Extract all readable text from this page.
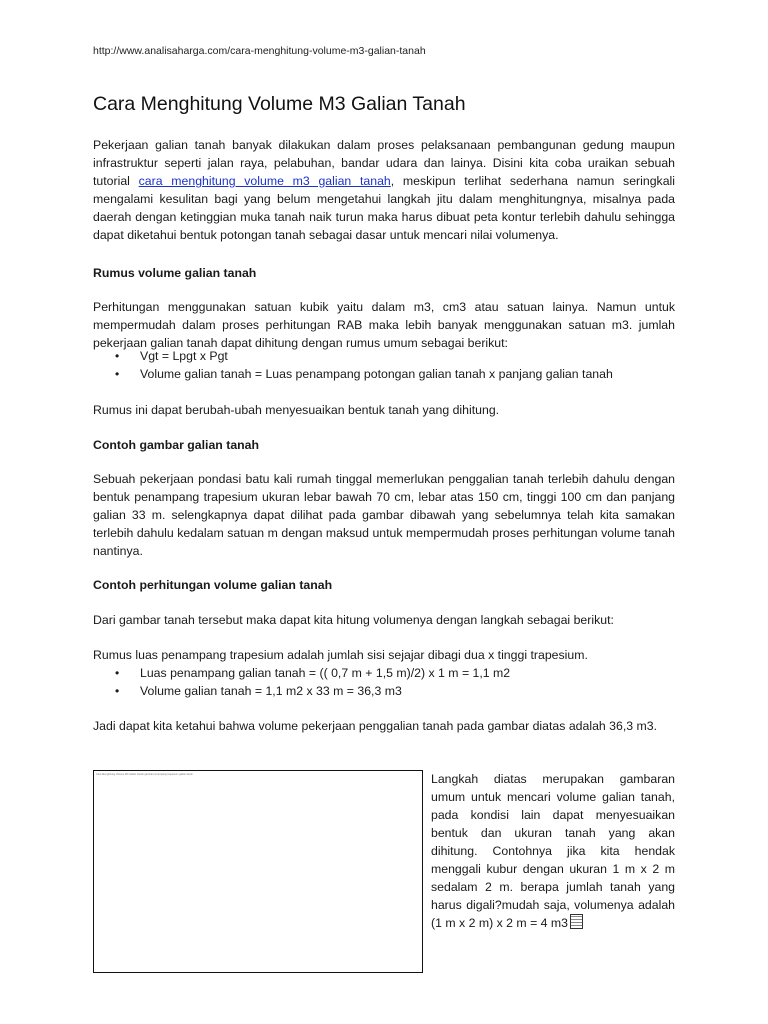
http://www.analisaharga.com/cara-menghitung-volume-m3-galian-tanah
Cara Menghitung Volume M3 Galian Tanah
Pekerjaan galian tanah banyak dilakukan dalam proses pelaksanaan pembangunan gedung maupun infrastruktur seperti jalan raya, pelabuhan, bandar udara dan lainya. Disini kita coba uraikan sebuah tutorial cara menghitung volume m3 galian tanah, meskipun terlihat sederhana namun seringkali mengalami kesulitan bagi yang belum mengetahui langkah jitu dalam menghitungnya, misalnya pada daerah dengan ketinggian muka tanah naik turun maka harus dibuat peta kontur terlebih dahulu sehingga dapat diketahui bentuk potongan tanah sebagai dasar untuk mencari nilai volumenya.
Rumus volume galian tanah
Perhitungan menggunakan satuan kubik yaitu dalam m3, cm3 atau satuan lainya. Namun untuk mempermudah dalam proses perhitungan RAB maka lebih banyak menggunakan satuan m3. jumlah pekerjaan galian tanah dapat dihitung dengan rumus umum sebagai berikut:
• Vgt = Lpgt x Pgt
• Volume galian tanah = Luas penampang potongan galian tanah x panjang galian tanah
Rumus ini dapat berubah-ubah menyesuaikan bentuk tanah yang dihitung.
Contoh gambar galian tanah
Sebuah pekerjaan pondasi batu kali rumah tinggal memerlukan penggalian tanah terlebih dahulu dengan bentuk penampang trapesium ukuran lebar bawah 70 cm, lebar atas 150 cm, tinggi 100 cm dan panjang galian 33 m. selengkapnya dapat dilihat pada gambar dibawah yang sebelumnya telah kita samakan terlebih dahulu kedalam satuan m dengan maksud untuk mempermudah proses perhitungan volume tanah nantinya.
Contoh perhitungan volume galian tanah
Dari gambar tanah tersebut maka dapat kita hitung volumenya dengan langkah sebagai berikut:
Rumus luas penampang trapesium adalah jumlah sisi sejajar dibagi dua x tinggi trapesium.
• Luas penampang galian tanah = (( 0,7 m + 1,5 m)/2) x 1 m = 1,1 m2
• Volume galian tanah = 1,1 m2 x 33 m = 36,3 m3
Jadi dapat kita ketahui bahwa volume pekerjaan penggalian tanah pada gambar diatas adalah 36,3 m3.
Cara Menghitung Volume M3 Galian Tanah gambar penampang trapesium galian tanah	Langkah diatas merupakan gambaran umum untuk mencari volume galian tanah, pada kondisi lain dapat menyesuaikan bentuk dan ukuran tanah yang akan dihitung. Contohnya jika kita hendak menggali kubur dengan ukuran 1 m x 2 m sedalam 2 m. berapa jumlah tanah yang harus digali?mudah saja, volumenya adalah (1 m x 2 m) x 2 m = 4 m3
